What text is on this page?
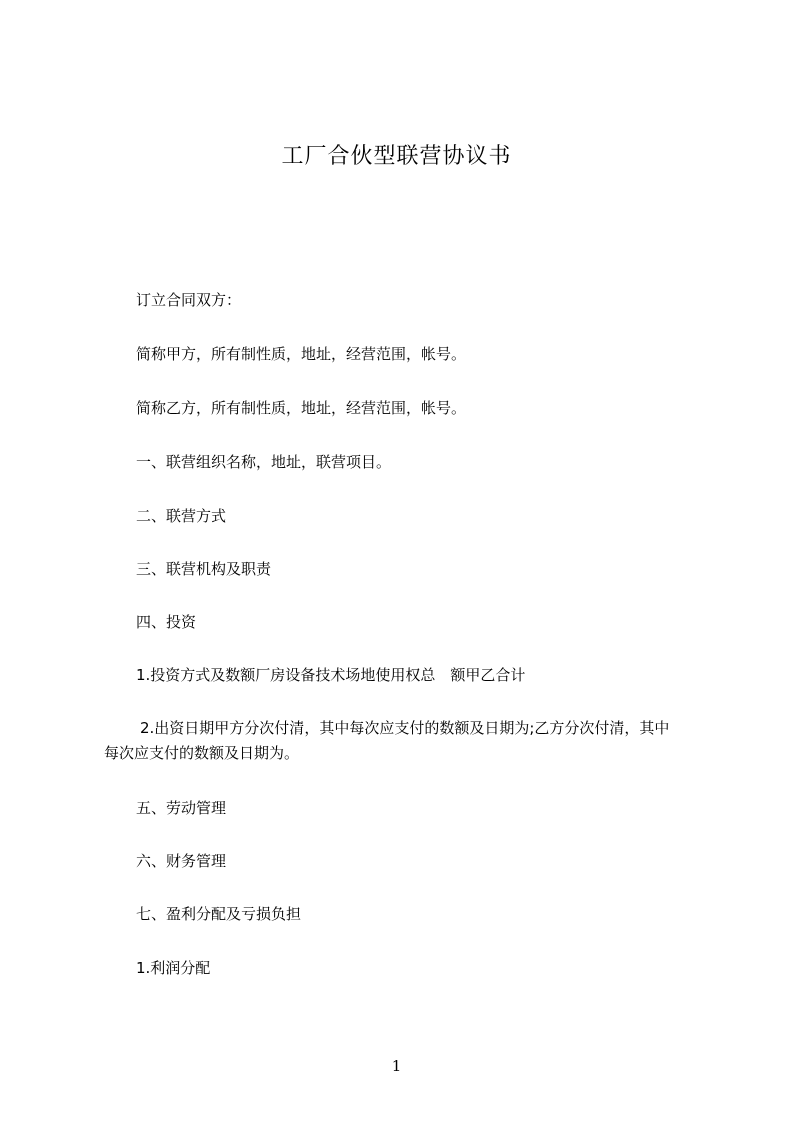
工厂合伙型联营协议书
订立合同双方：
简称甲方，所有制性质，地址，经营范围，帐号。
简称乙方，所有制性质，地址，经营范围，帐号。
一、联营组织名称，地址，联营项目。
二、联营方式
三、联营机构及职责
四、投资
1.投资方式及数额厂房设备技术场地使用权总　额甲乙合计
2.出资日期甲方分次付清，其中每次应支付的数额及日期为;乙方分次付清，其中
每次应支付的数额及日期为。
五、劳动管理
六、财务管理
七、盈利分配及亏损负担
1.利润分配
1
